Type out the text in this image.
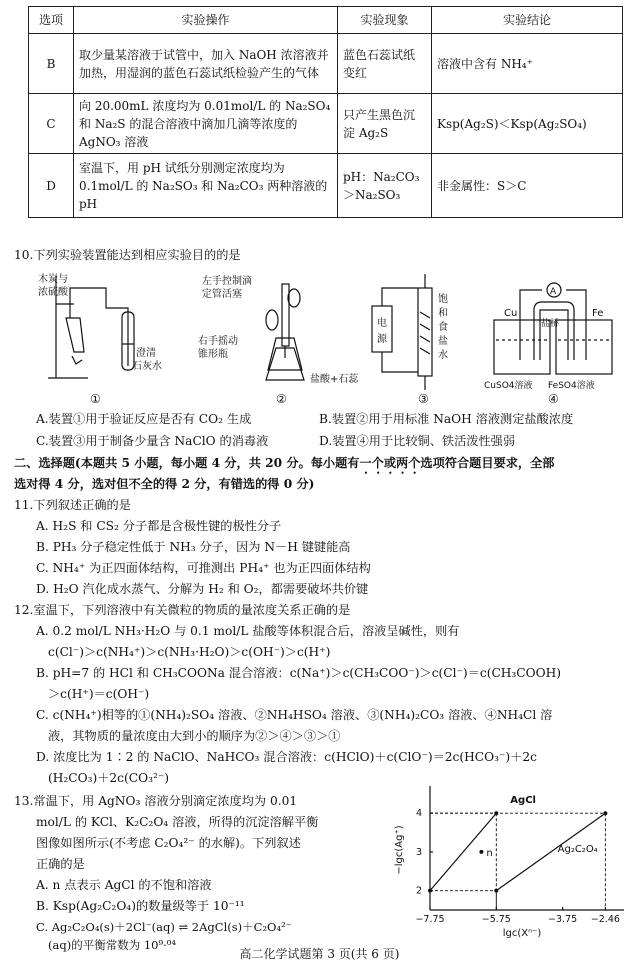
选项	实验操作	实验现象	实验结论
B	取少量某溶液于试管中，加入 NaOH 浓溶液并加热，用湿润的蓝色石蕊试纸检验产生的气体	蓝色石蕊试纸变红	溶液中含有 NH₄⁺
C	向 20.00mL 浓度均为 0.01mol/L 的 Na₂SO₄ 和 Na₂S 的混合溶液中滴加几滴等浓度的 AgNO₃ 溶液	只产生黑色沉淀 Ag₂S	Ksp(Ag₂S)＜Ksp(Ag₂SO₄)
D	室温下，用 pH 试纸分别测定浓度均为 0.1mol/L 的 Na₂SO₃ 和 Na₂CO₃ 两种溶液的 pH	pH：Na₂CO₃＞Na₂SO₃	非金属性：S＞C
10.下列实验装置能达到相应实验目的的是
木炭与
浓硫酸
澄清
石灰水
左手控制滴
定管活塞
右手摇动
锥形瓶
盐酸+石蕊
电
源
饱
和
食
盐
水
Cu	Fe
A
盐桥
CuSO4溶液 FeSO4溶液
①	②	③	④
A.装置①用于验证反应是否有 CO₂ 生成	B.装置②用于用标准 NaOH 溶液测定盐酸浓度
C.装置③用于制备少量含 NaClO 的消毒液	D.装置④用于比较铜、铁活泼性强弱
二、选择题(本题共 5 小题，每小题 4 分，共 20 分。每小题有一个或两个选项符合题目要求，全部
选对得 4 分，选对但不全的得 2 分，有错选的得 0 分)
11.下列叙述正确的是
A. H₂S 和 CS₂ 分子都是含极性键的极性分子
B. PH₃ 分子稳定性低于 NH₃ 分子，因为 N－H 键键能高
C. NH₄⁺ 为正四面体结构，可推测出 PH₄⁺ 也为正四面体结构
D. H₂O 汽化成水蒸气、分解为 H₂ 和 O₂，都需要破坏共价键
12.室温下，下列溶液中有关微粒的物质的量浓度关系正确的是
A. 0.2 mol/L NH₃·H₂O 与 0.1 mol/L 盐酸等体积混合后，溶液呈碱性，则有
c(Cl⁻)＞c(NH₄⁺)＞c(NH₃·H₂O)＞c(OH⁻)＞c(H⁺)
B. pH=7 的 HCl 和 CH₃COONa 混合溶液：c(Na⁺)＞c(CH₃COO⁻)＞c(Cl⁻)＝c(CH₃COOH)
＞c(H⁺)＝c(OH⁻)
C. c(NH₄⁺)相等的①(NH₄)₂SO₄ 溶液、②NH₄HSO₄ 溶液、③(NH₄)₂CO₃ 溶液、④NH₄Cl 溶
液，其物质的量浓度由大到小的顺序为②＞④＞③＞①
D. 浓度比为 1∶2 的 NaClO、NaHCO₃ 混合溶液：c(HClO)＋c(ClO⁻)＝2c(HCO₃⁻)＋2c
(H₂CO₃)＋2c(CO₃²⁻)
13.常温下，用 AgNO₃ 溶液分别滴定浓度均为 0.01
mol/L 的 KCl、K₂C₂O₄ 溶液，所得的沉淀溶解平衡
图像如图所示(不考虑 C₂O₄²⁻ 的水解)。下列叙述
正确的是
A. n 点表示 AgCl 的不饱和溶液
B. Ksp(Ag₂C₂O₄)的数量级等于 10⁻¹¹
C. Ag₂C₂O₄(s)＋2Cl⁻(aq) ⇌ 2AgCl(s)＋C₂O₄²⁻
(aq)的平衡常数为 10⁹·⁰⁴
−7.75	−5.75	−3.75 −2.46
2
3
4
lgc(Xⁿ⁻)
−lgc(Ag⁺)
AgCl
Ag₂C₂O₄
n
高二化学试题第 3 页(共 6 页)
